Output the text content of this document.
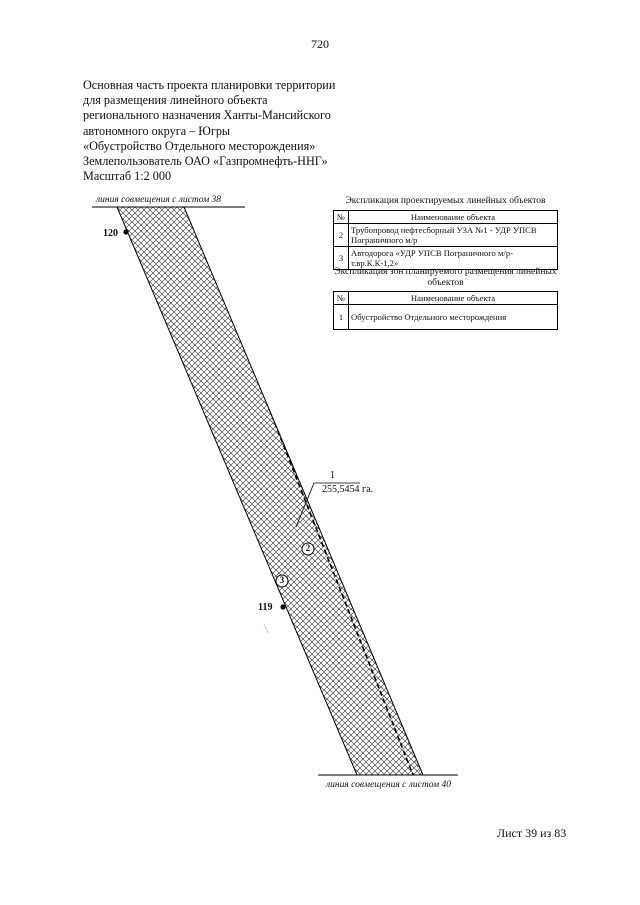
720
Основная часть проекта планировки территории
для размещения линейного объекта
регионального назначения Ханты-Мансийского
автономного округа – Югры
«Обустройство Отдельного месторождения»
Землепользователь ОАО «Газпромнефть-ННГ»
Масштаб 1:2 000
~~~
линия совмещения с листом 38
линия совмещения с листом 40
120
119
1
255,5454 га.
2
3
Экспликация проектируемых линейных объектов
№	Наименование объекта
2	Трубопровод нефтесборный УЗА №1 - УДР УПСВ Пограничного м/р
3	Автодорога «УДР УПСВ Пограничного м/р-т.вр.К.К-1,2»
Экспликация зон планируемого размещения линейных объектов
№	Наименование объекта
1	Обустройство Отдельного месторождения
Лист 39 из 83
